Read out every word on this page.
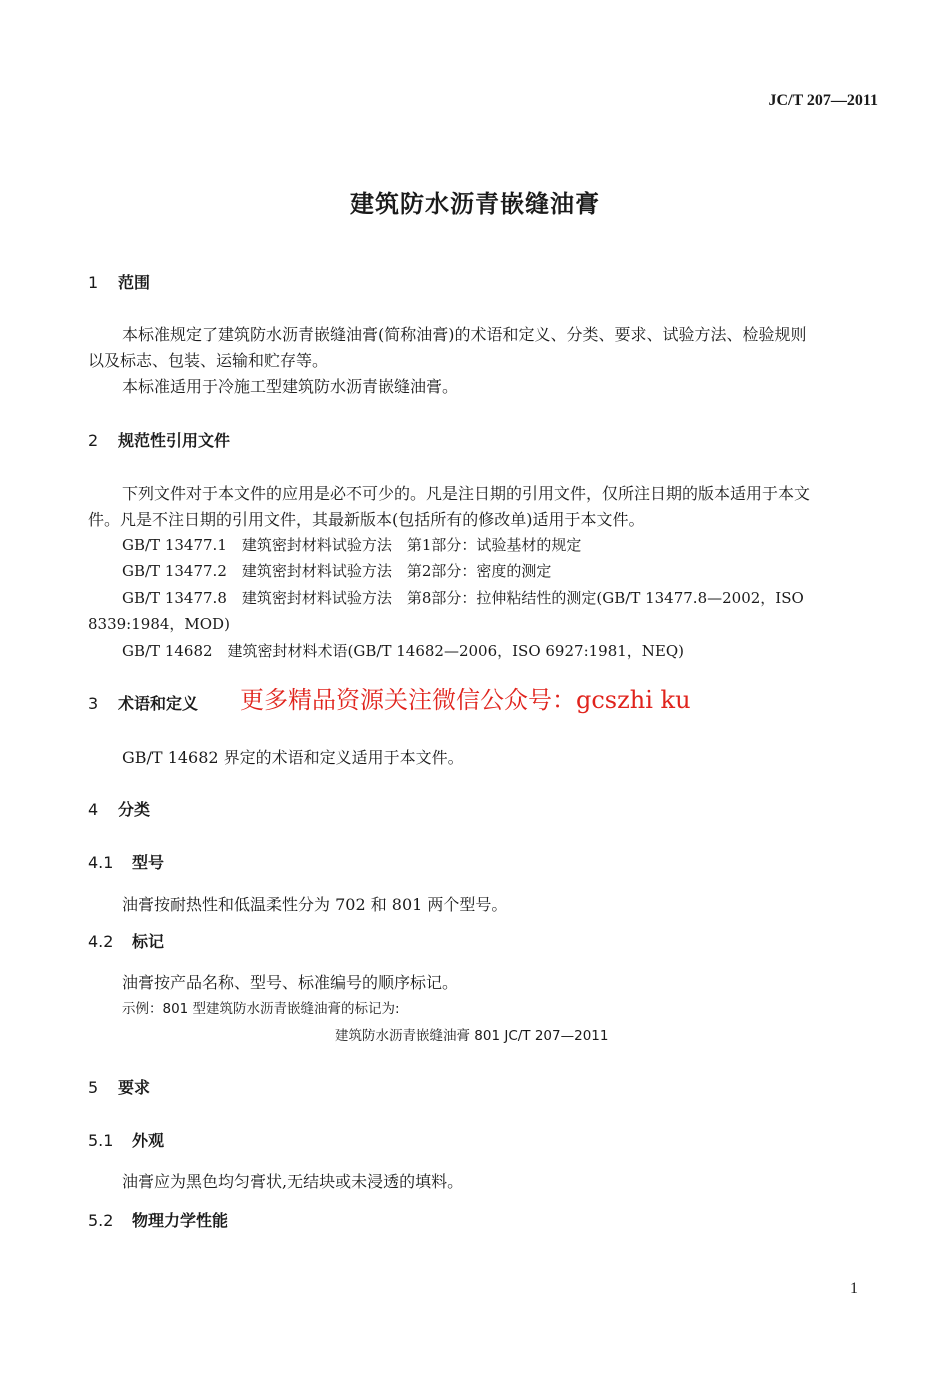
JC/T 207—2011
建筑防水沥青嵌缝油膏
1 范围
本标准规定了建筑防水沥青嵌缝油膏(简称油膏)的术语和定义、分类、要求、试验方法、检验规则
以及标志、包装、运输和贮存等。
本标准适用于冷施工型建筑防水沥青嵌缝油膏。
2 规范性引用文件
下列文件对于本文件的应用是必不可少的。凡是注日期的引用文件，仅所注日期的版本适用于本文
件。凡是不注日期的引用文件，其最新版本(包括所有的修改单)适用于本文件。
GB/T 13477.1　建筑密封材料试验方法　第1部分：试验基材的规定
GB/T 13477.2　建筑密封材料试验方法　第2部分：密度的测定
GB/T 13477.8　建筑密封材料试验方法　第8部分：拉伸粘结性的测定(GB/T 13477.8—2002，ISO
8339:1984，MOD)
GB/T 14682　建筑密封材料术语(GB/T 14682—2006，ISO 6927:1981，NEQ)
3 术语和定义 更多精品资源关注微信公众号：gcszhi ku
GB/T 14682 界定的术语和定义适用于本文件。
4 分类
4.1 型号
油膏按耐热性和低温柔性分为 702 和 801 两个型号。
4.2 标记
油膏按产品名称、型号、标准编号的顺序标记。
示例：801 型建筑防水沥青嵌缝油膏的标记为:
建筑防水沥青嵌缝油膏 801 JC/T 207—2011
5 要求
5.1 外观
油膏应为黑色均匀膏状,无结块或未浸透的填料。
5.2 物理力学性能
1
